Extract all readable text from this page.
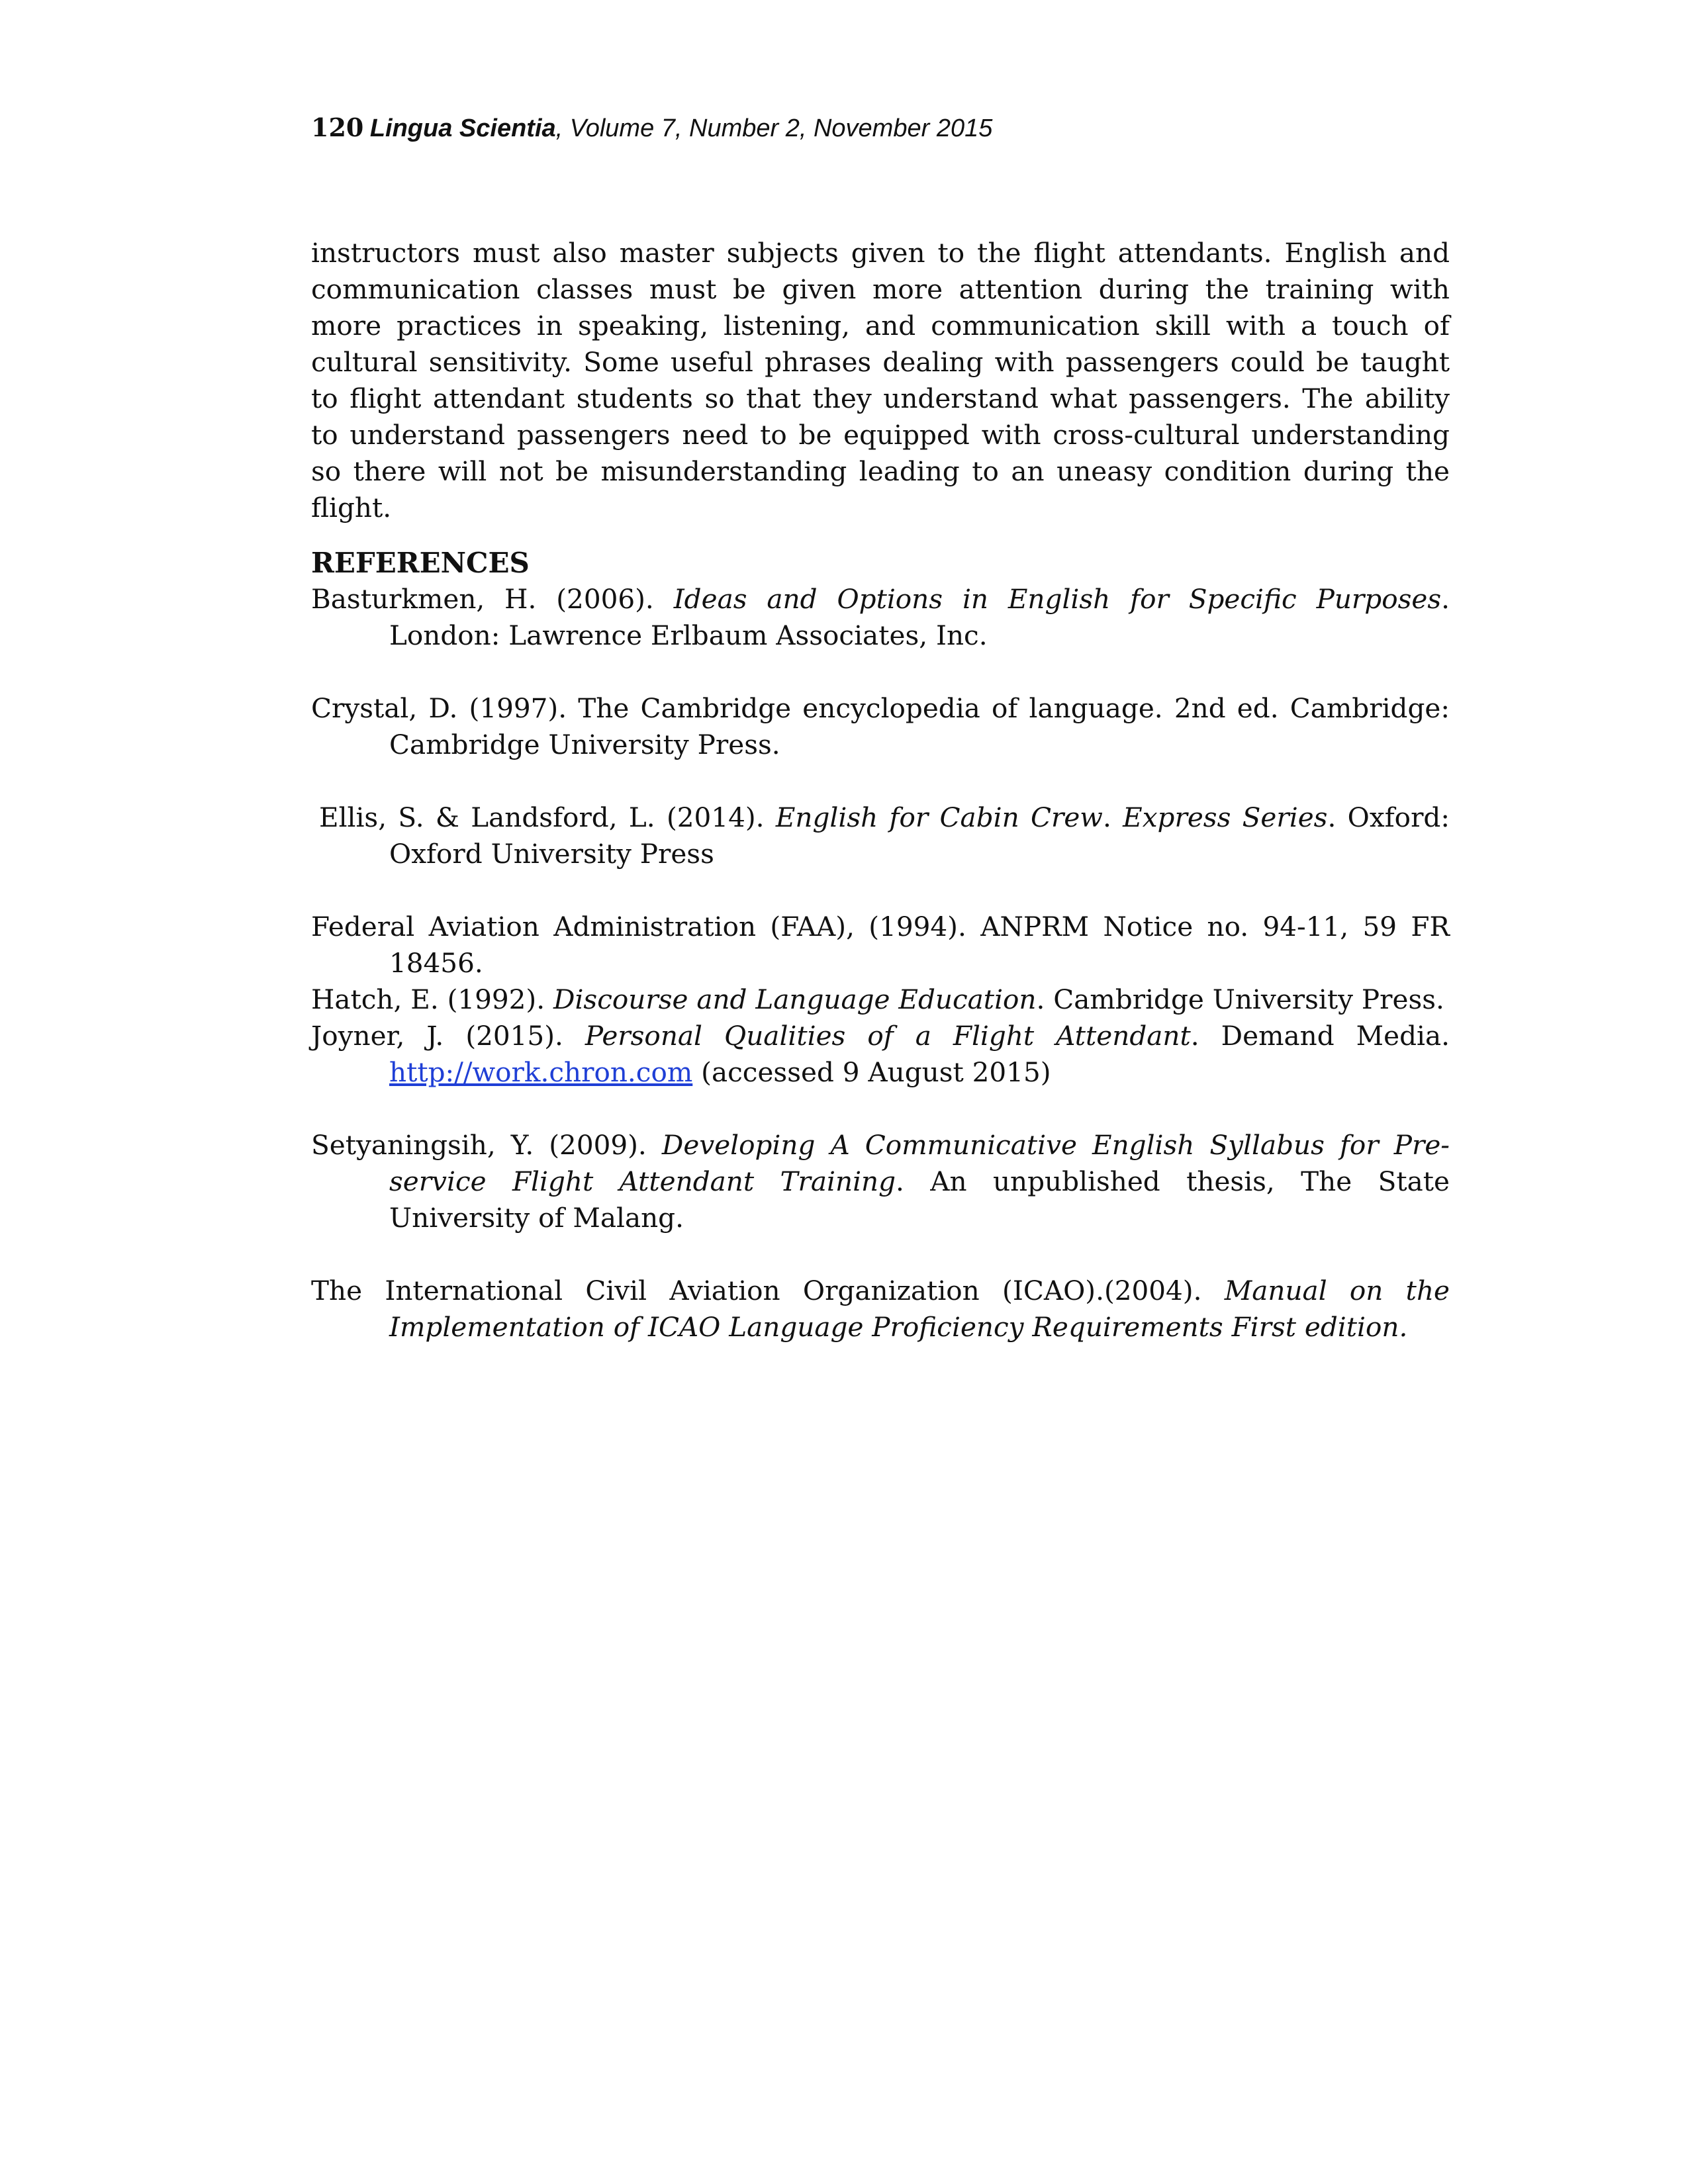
120 Lingua Scientia, Volume 7, Number 2, November 2015

instructors must also master subjects given to the flight attendants. English and communication classes must be given more attention during the training with more practices in speaking, listening, and communication skill with a touch of cultural sensitivity. Some useful phrases dealing with passengers could be taught to flight attendant students so that they understand what passengers. The ability to understand passengers need to be equipped with cross-cultural understanding so there will not be misunderstanding leading to an uneasy condition during the flight.

REFERENCES

Basturkmen, H. (2006). Ideas and Options in English for Specific Purposes. London: Lawrence Erlbaum Associates, Inc.

Crystal, D. (1997). The Cambridge encyclopedia of language. 2nd ed. Cambridge: Cambridge University Press.

Ellis, S. & Landsford, L. (2014). English for Cabin Crew. Express Series. Oxford: Oxford University Press

Federal Aviation Administration (FAA), (1994). ANPRM Notice no. 94-11, 59 FR 18456.

Hatch, E. (1992). Discourse and Language Education. Cambridge University Press.

Joyner, J. (2015). Personal Qualities of a Flight Attendant. Demand Media. http://work.chron.com (accessed 9 August 2015)

Setyaningsih, Y. (2009). Developing A Communicative English Syllabus for Pre-service Flight Attendant Training. An unpublished thesis, The State University of Malang.

The International Civil Aviation Organization (ICAO).(2004). Manual on the Implementation of ICAO Language Proficiency Requirements First edition.
